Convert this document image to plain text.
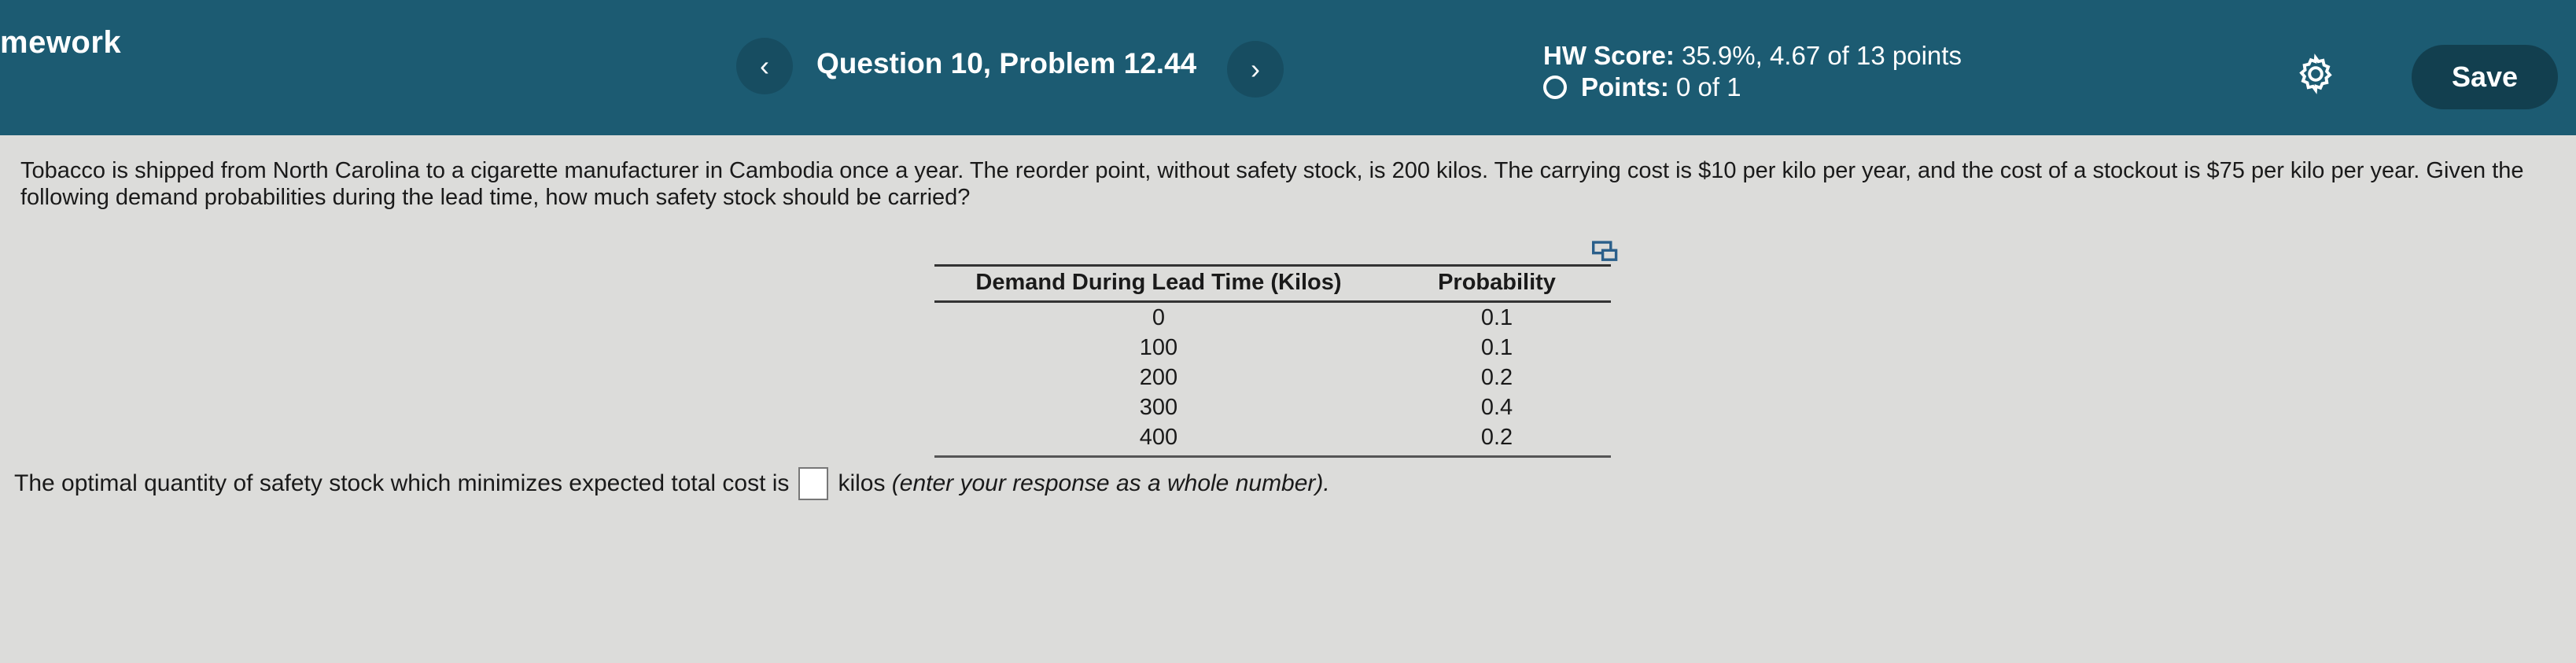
mework
‹ Question 10, Problem 12.44 ›	HW Score: 35.9%, 4.67 of 13 points
Points:
0 of 1	Save
Tobacco is shipped from North Carolina to a cigarette manufacturer in Cambodia once a year. The reorder point, without safety stock, is 200 kilos. The carrying cost is $10 per kilo per year, and the cost of a stockout is $75 per kilo per year. Given the following demand probabilities during the lead time, how much safety stock should be carried?
Demand During Lead Time (Kilos)	Probability
0	0.1
100	0.1
200	0.2
300	0.4
400	0.2
The optimal quantity of safety stock which minimizes expected total cost is kilos
(enter your response as a whole number).
